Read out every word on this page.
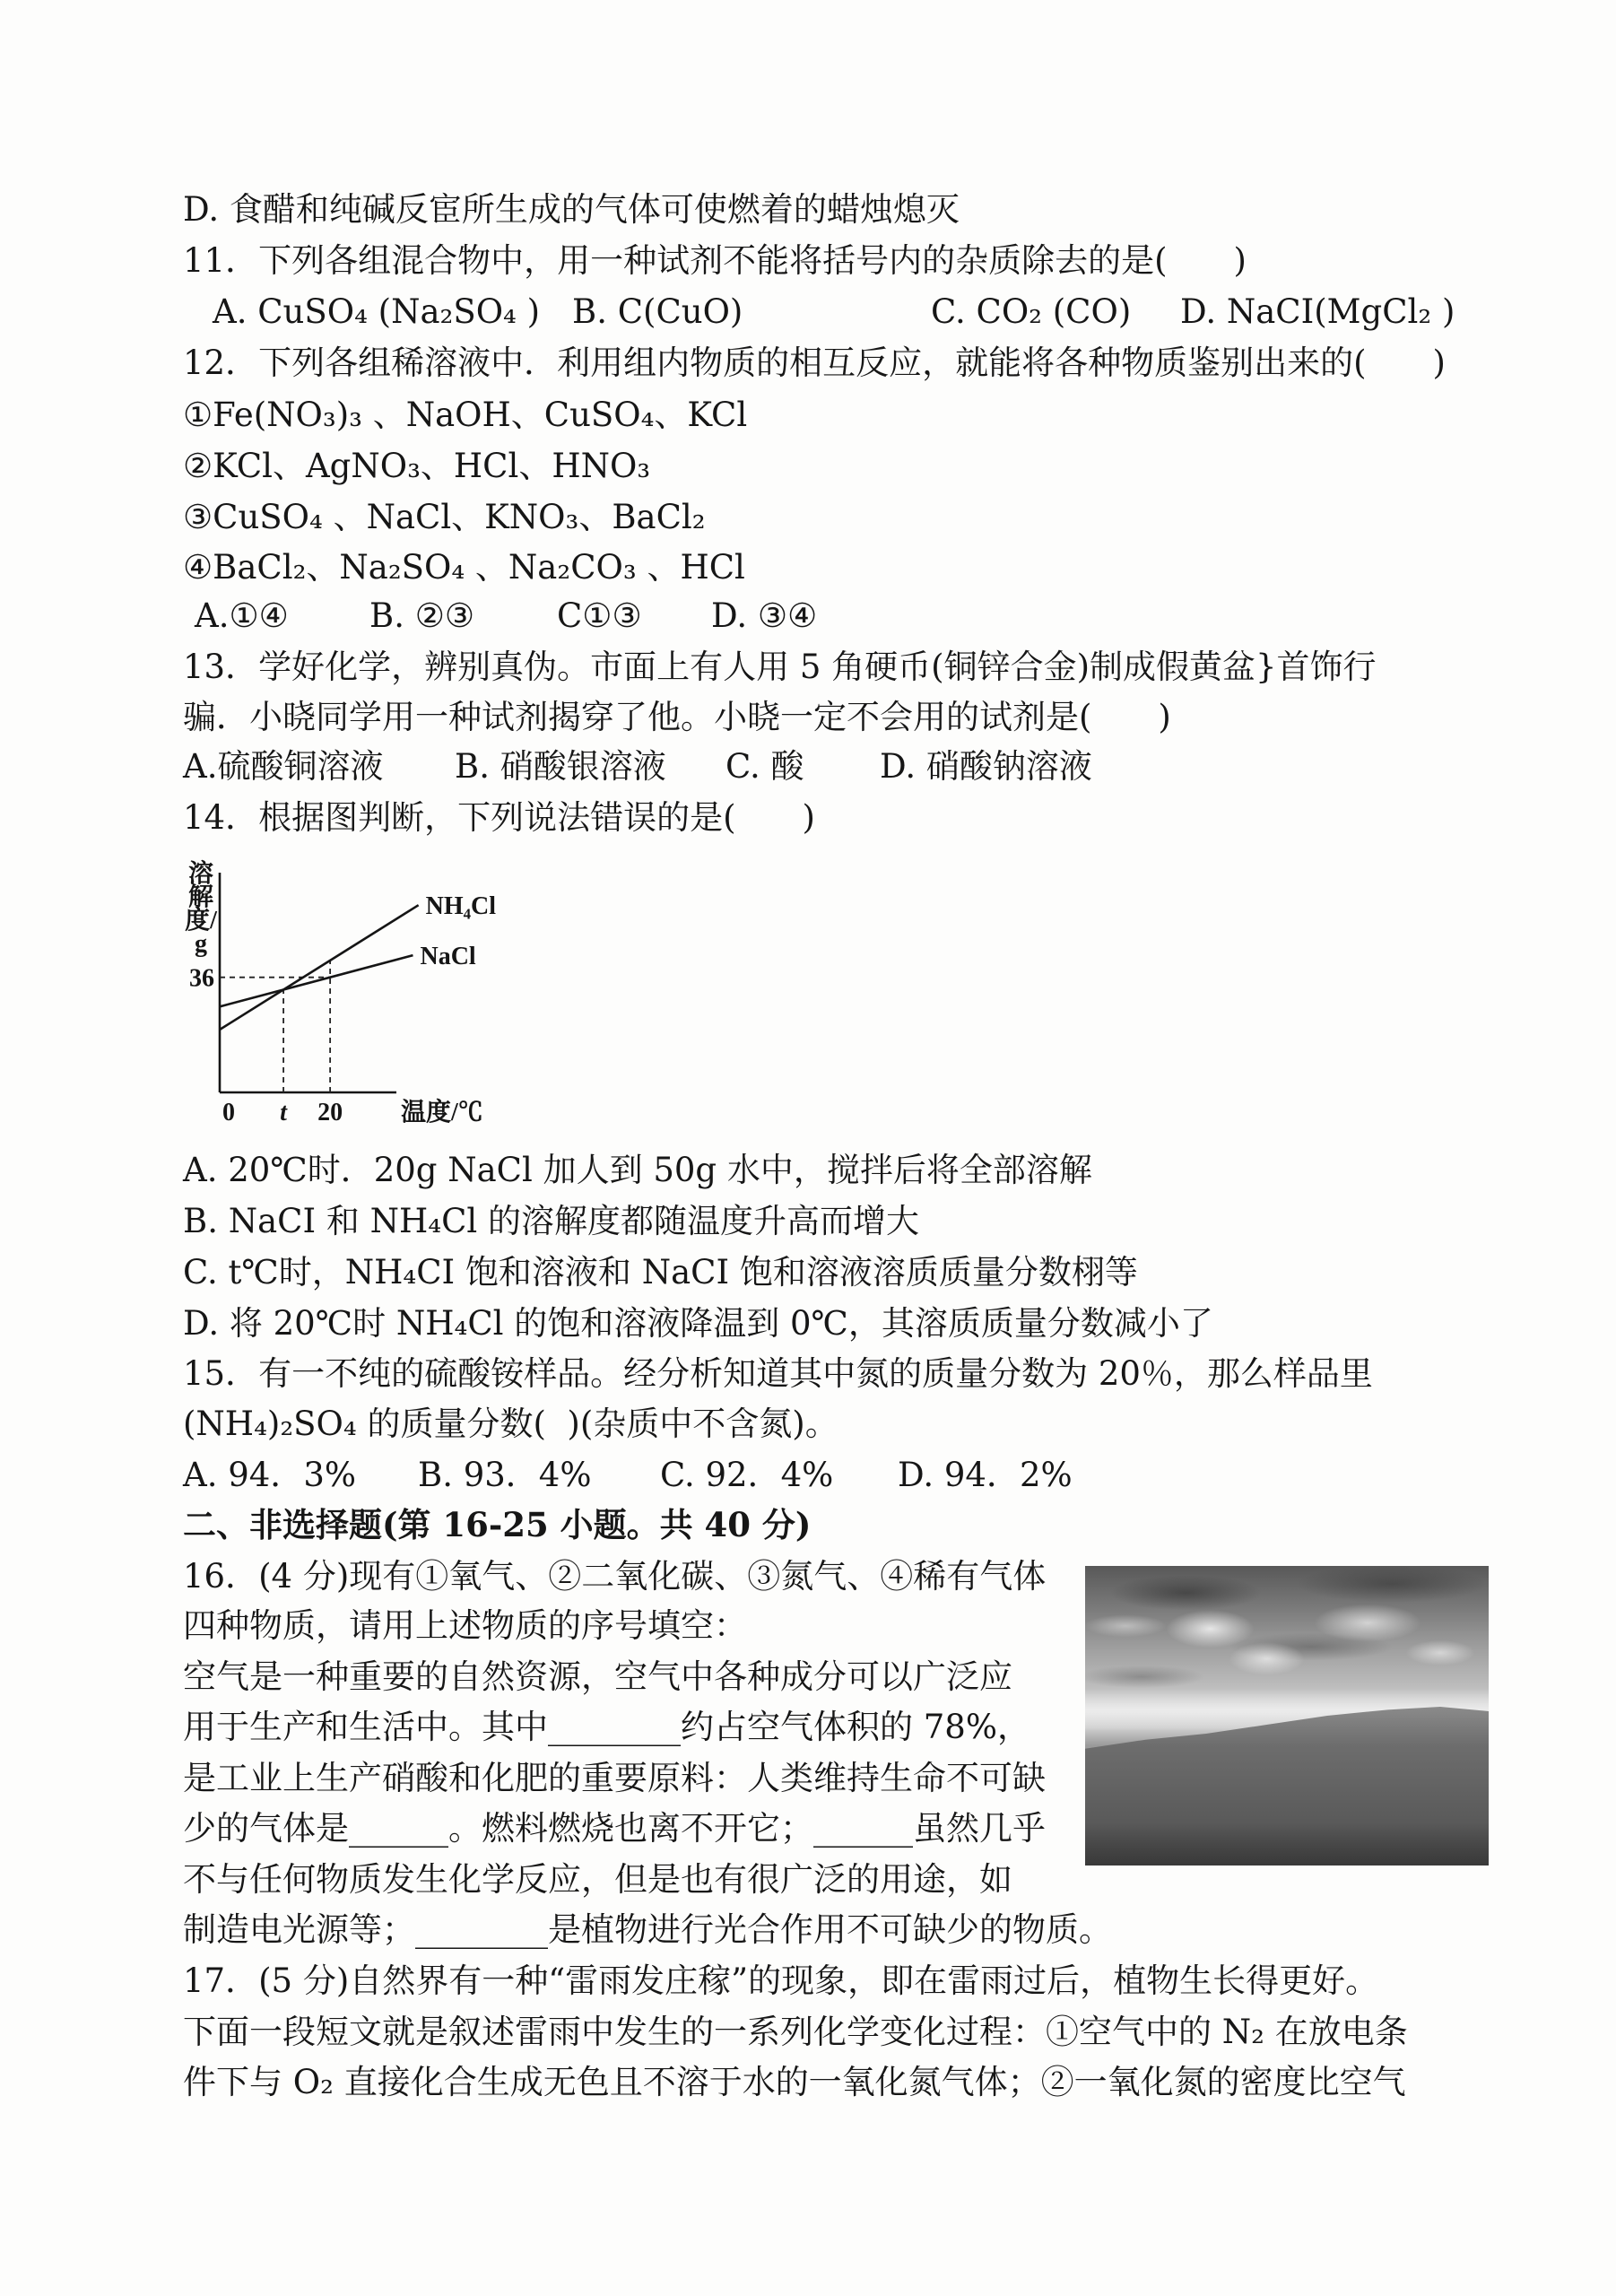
D. 食醋和纯碱反宦所生成的气体可使燃着的蜡烛熄灭
11．下列各组混合物中，用一种试剂不能将括号内的杂质除去的是(　　)
A. CuSO₄ (Na₂SO₄ ) B. C(CuO)	C. CO₂ (CO) D. NaCI(MgCl₂ )
12．下列各组稀溶液中．利用组内物质的相互反应，就能将各种物质鉴别出来的(　　)
①Fe(NO₃)₃ 、NaOH、CuSO₄、KCl
②KCl、AgNO₃、HCl、HNO₃
③CuSO₄ 、NaCl、KNO₃、BaCl₂
④BaCl₂、Na₂SO₄ 、Na₂CO₃ 、HCl
A.①④ B. ②③ C①③ D. ③④
13．学好化学，辨别真伪。市面上有人用 5 角硬币(铜锌合金)制成假黄盆}首饰行
骗．小晓同学用一种试剂揭穿了他。小晓一定不会用的试剂是(　　)
A.硫酸铜溶液 B. 硝酸银溶液 C. 酸 D. 硝酸钠溶液
14．根据图判断，下列说法错误的是(　　)
NH₄Cl
NaCl
0 t 20
36
温度/℃
溶解度/g
A. 20℃时．20g NaCl 加人到 50g 水中，搅拌后将全部溶解
B. NaCI 和 NH₄Cl 的溶解度都随温度升高而增大
C. t℃时，NH₄CI 饱和溶液和 NaCI 饱和溶液溶质质量分数栩等
D. 将 20℃时 NH₄Cl 的饱和溶液降温到 0℃，其溶质质量分数减小了
15．有一不纯的硫酸铵样品。经分析知道其中氮的质量分数为 20％，那么样品里
(NH₄)₂SO₄ 的质量分数(  )(杂质中不含氮)。
A. 94．3% B. 93．4% C. 92．4% D. 94．2%
二、非选择题(第 16-25 小题。共 40 分)
16．(4 分)现有①氧气、②二氧化碳、③氮气、④稀有气体
四种物质，请用上述物质的序号填空：
空气是一种重要的自然资源，空气中各种成分可以广泛应
用于生产和生活中。其中________约占空气体积的 78%，
是工业上生产硝酸和化肥的重要原料：人类维持生命不可缺
少的气体是______。燃料燃烧也离不开它；______虽然几乎
不与任何物质发生化学反应，但是也有很广泛的用途，如
制造电光源等；________是植物进行光合作用不可缺少的物质。
17．(5 分)自然界有一种“雷雨发庄稼”的现象，即在雷雨过后，植物生长得更好。
下面一段短文就是叙述雷雨中发生的一系列化学变化过程：①空气中的 N₂ 在放电条
件下与 O₂ 直接化合生成无色且不溶于水的一氧化氮气体；②一氧化氮的密度比空气
